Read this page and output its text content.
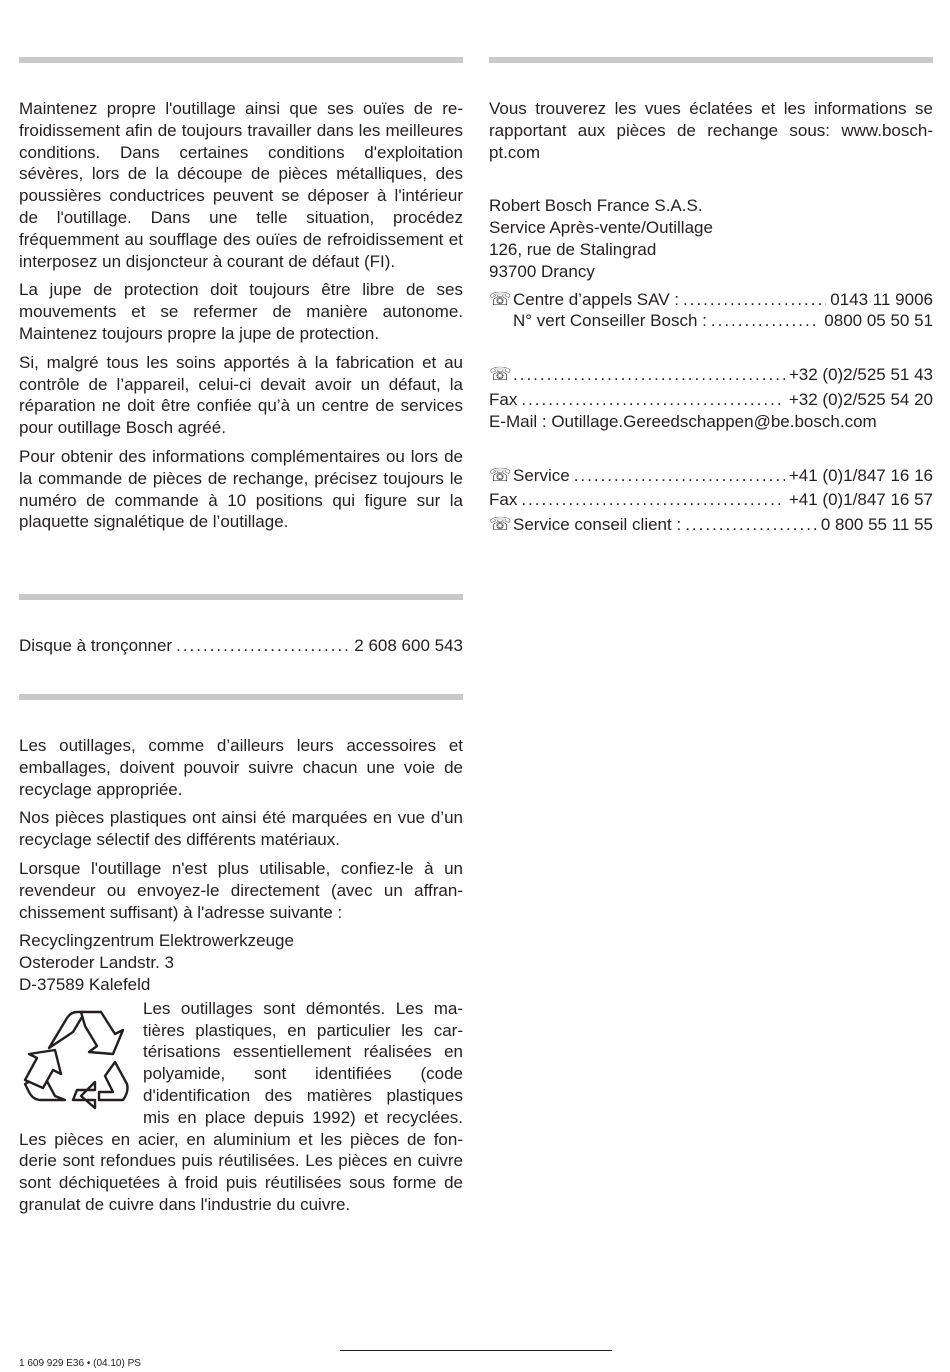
Maintenez propre l'outillage ainsi que ses ouïes de refroidissement afin de toujours travailler dans les meilleures conditions. Dans certaines conditions d'exploitation sévères, lors de la découpe de pièces métalliques, des poussières conductrices peuvent se déposer à l'intérieur de l'outillage. Dans une telle situation, procédez fréquemment au soufflage des ouïes de refroidissement et interposez un disjoncteur à courant de défaut (FI).

La jupe de protection doit toujours être libre de ses mouvements et se refermer de manière autonome. Maintenez toujours propre la jupe de protection.

Si, malgré tous les soins apportés à la fabrication et au contrôle de l’appareil, celui-ci devait avoir un défaut, la réparation ne doit être confiée qu’à un centre de services pour outillage Bosch agréé.

Pour obtenir des informations complémentaires ou lors de la commande de pièces de rechange, précisez toujours le numéro de commande à 10 positions qui figure sur la plaquette signalétique de l’outillage.

Disque à tronçonner .....	2 608 600 543

Les outillages, comme d’ailleurs leurs accessoires et emballages, doivent pouvoir suivre chacun une voie de recyclage appropriée.

Nos pièces plastiques ont ainsi été marquées en vue d’un recyclage sélectif des différents matériaux.

Lorsque l'outillage n'est plus utilisable, confiez-le à un revendeur ou envoyez-le directement (avec un affranchissement suffisant) à l'adresse suivante :

Recyclingzentrum Elektrowerkzeuge
Osteroder Landstr. 3
D-37589 Kalefeld
Les outillages sont démontés. Les matières plastiques, en particulier les cartérisations essentiellement réalisées en polyamide, sont identifiées (code d'identification des matières plastiques mis en place depuis 1992) et recyclées. Les pièces en acier, en aluminium et les pièces de fonderie sont refondues puis réutilisées. Les pièces en cuivre sont déchiquetées à froid puis réutilisées sous forme de granulat de cuivre dans l'industrie du cuivre.

Vous trouverez les vues éclatées et les informations se rapportant aux pièces de rechange sous: www.bosch-pt.com

Robert Bosch France S.A.S.
Service Après-vente/Outillage
126, rue de Stalingrad
93700 Drancy
☏ Centre d’appels SAV : .....	0143 11 9006
N° vert Conseiller Bosch : .....	0800 05 50 51
☏ .....	+32 (0)2/525 51 43
Fax .....	+32 (0)2/525 54 20
E-Mail : Outillage.Gereedschappen@be.bosch.com
☏ Service .....	+41 (0)1/847 16 16
Fax .....	+41 (0)1/847 16 57
☏ Service conseil client : .....	0 800 55 11 55
1 609 929 E36 • (04.10) PS
